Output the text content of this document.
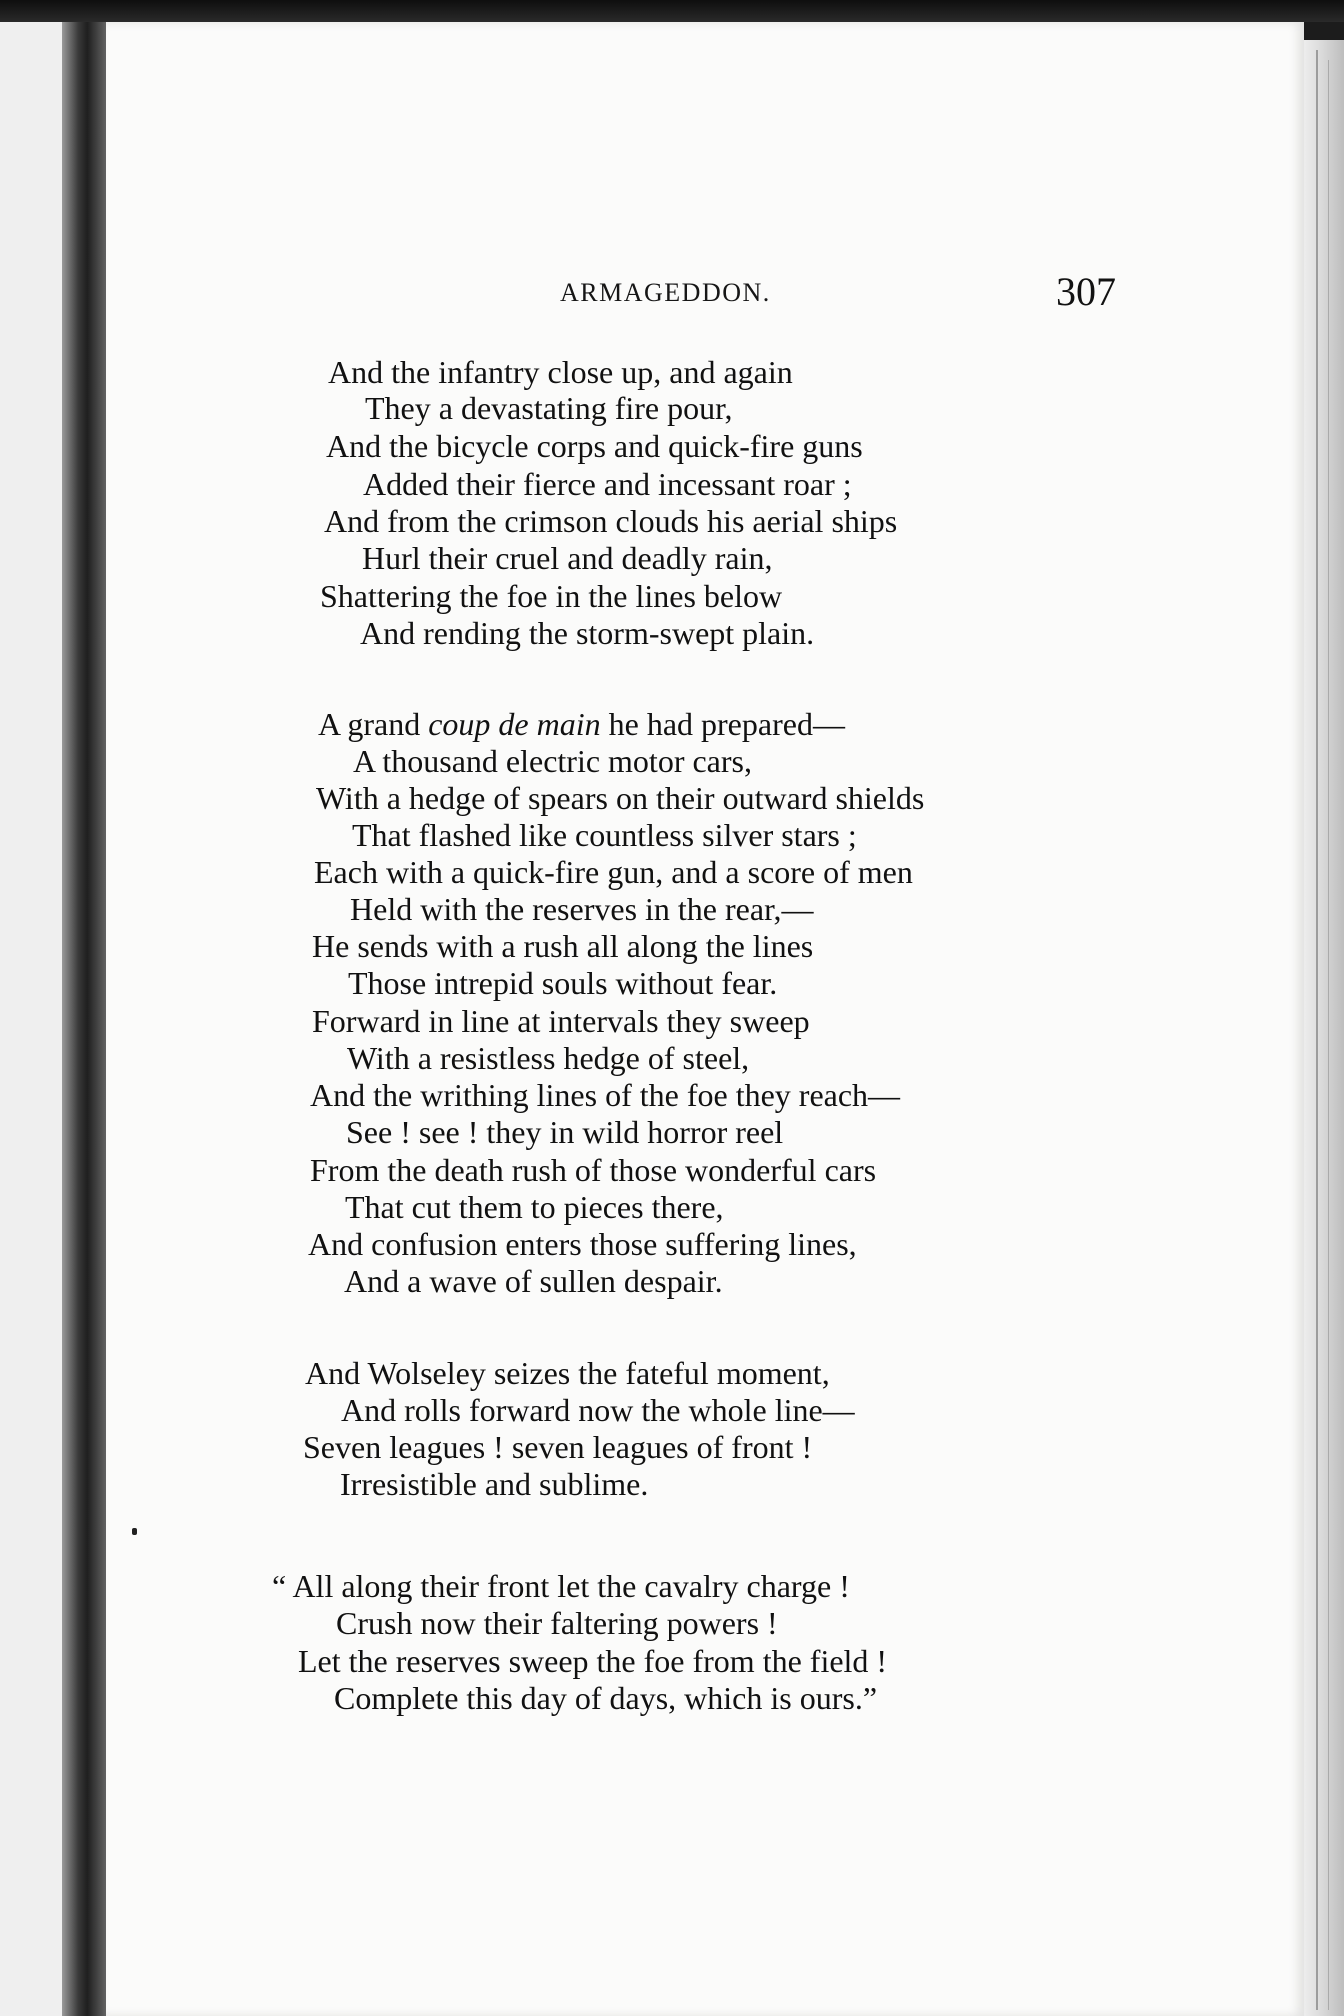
ARMAGEDDON.	307
And the infantry close up, and again
They a devastating fire pour,
And the bicycle corps and quick-fire guns
Added their fierce and incessant roar ;
And from the crimson clouds his aerial ships
Hurl their cruel and deadly rain,
Shattering the foe in the lines below
And rending the storm-swept plain.
A grand coup de main he had prepared—
A thousand electric motor cars,
With a hedge of spears on their outward shields
That flashed like countless silver stars ;
Each with a quick-fire gun, and a score of men
Held with the reserves in the rear,—
He sends with a rush all along the lines
Those intrepid souls without fear.
Forward in line at intervals they sweep
With a resistless hedge of steel,
And the writhing lines of the foe they reach—
See ! see ! they in wild horror reel
From the death rush of those wonderful cars
That cut them to pieces there,
And confusion enters those suffering lines,
And a wave of sullen despair.
And Wolseley seizes the fateful moment,
And rolls forward now the whole line—
Seven leagues ! seven leagues of front !
Irresistible and sublime.
“ All along their front let the cavalry charge !
Crush now their faltering powers !
Let the reserves sweep the foe from the field !
Complete this day of days, which is ours.”
